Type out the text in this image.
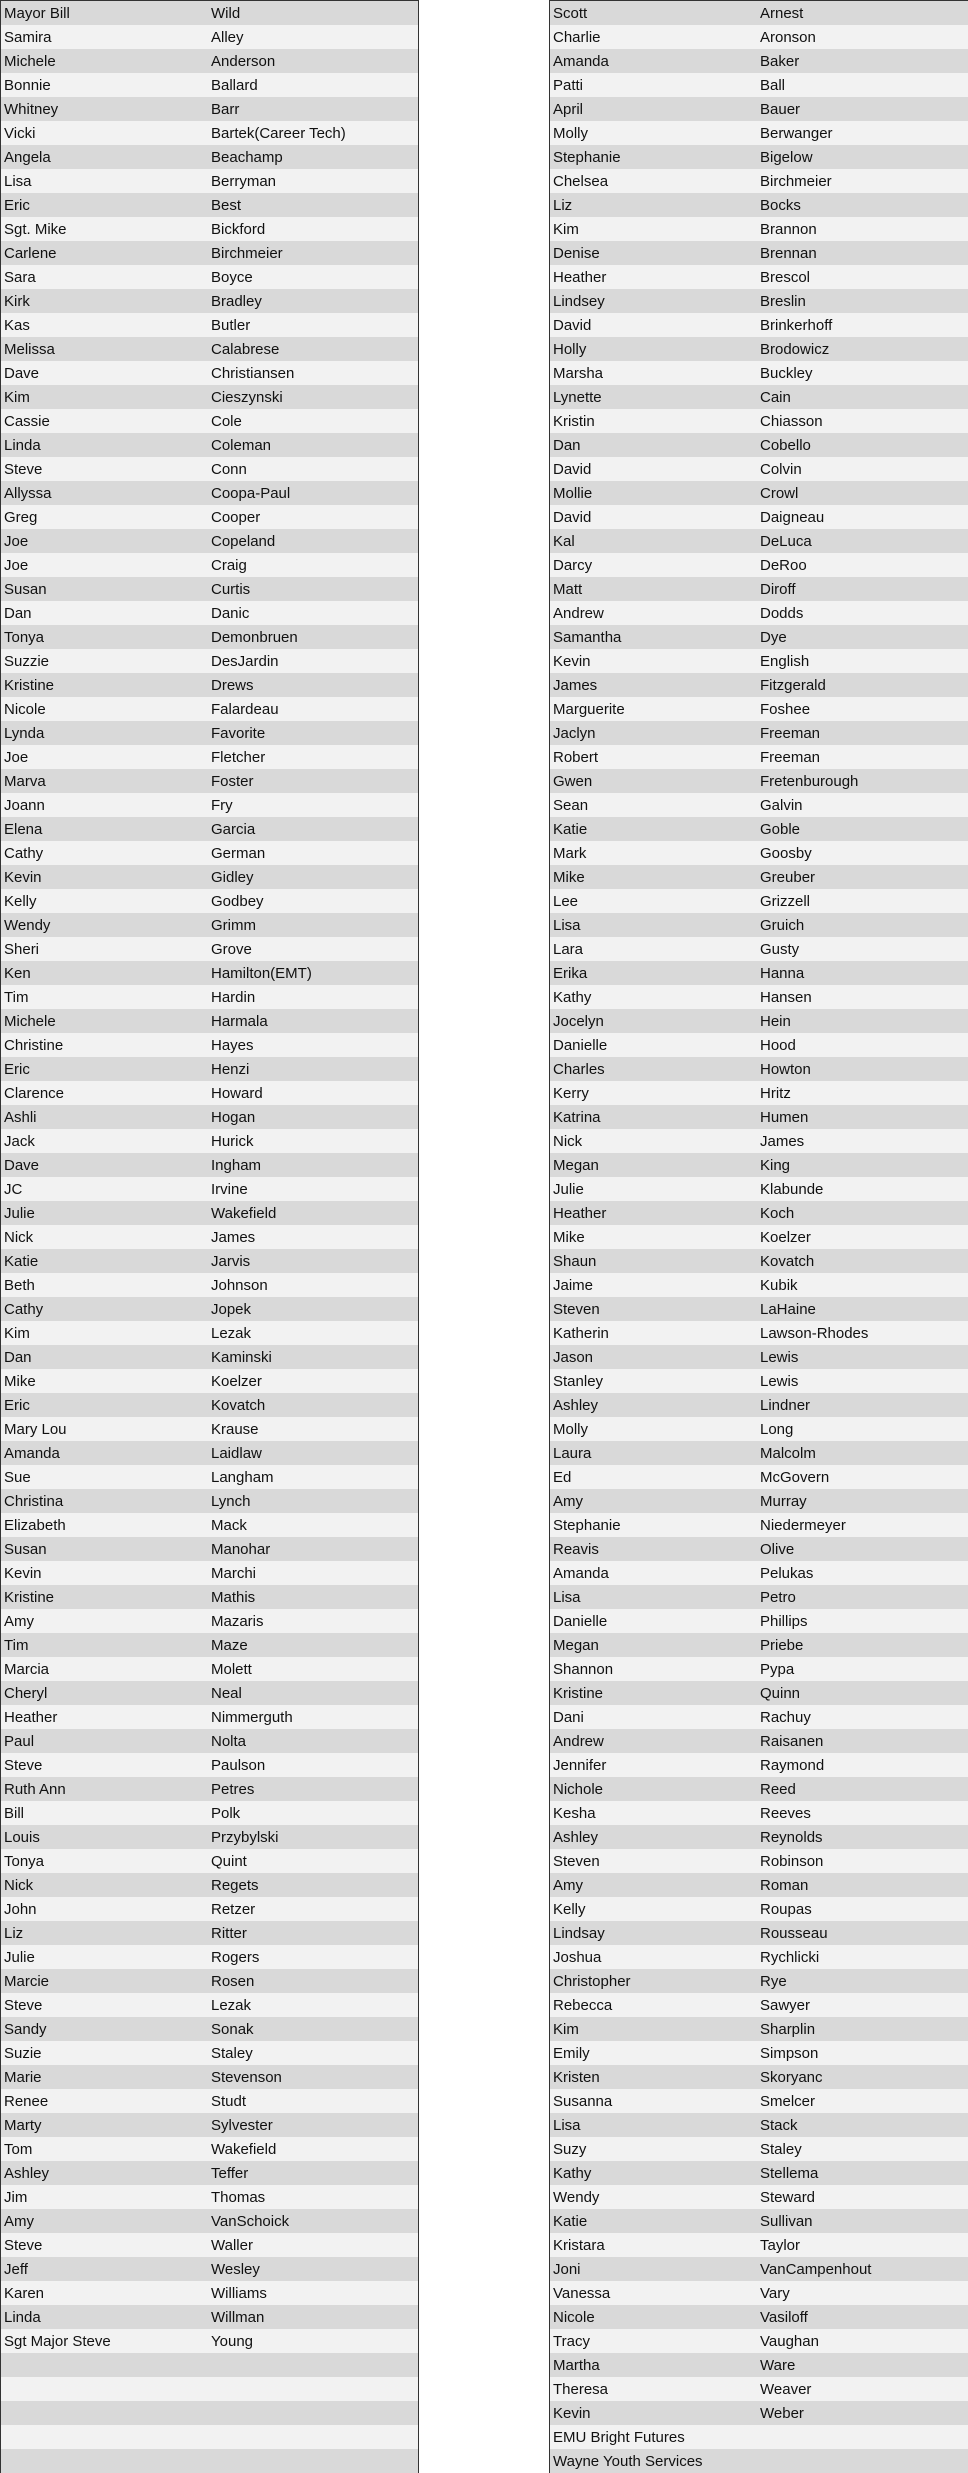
Mayor Bill	Wild
Samira	Alley
Michele	Anderson
Bonnie	Ballard
Whitney	Barr
Vicki	Bartek(Career Tech)
Angela	Beachamp
Lisa	Berryman
Eric	Best
Sgt. Mike	Bickford
Carlene	Birchmeier
Sara	Boyce
Kirk	Bradley
Kas	Butler
Melissa	Calabrese
Dave	Christiansen
Kim	Cieszynski
Cassie	Cole
Linda	Coleman
Steve	Conn
Allyssa	Coopa-Paul
Greg	Cooper
Joe	Copeland
Joe	Craig
Susan	Curtis
Dan	Danic
Tonya	Demonbruen
Suzzie	DesJardin
Kristine	Drews
Nicole	Falardeau
Lynda	Favorite
Joe	Fletcher
Marva	Foster
Joann	Fry
Elena	Garcia
Cathy	German
Kevin	Gidley
Kelly	Godbey
Wendy	Grimm
Sheri	Grove
Ken	Hamilton(EMT)
Tim	Hardin
Michele	Harmala
Christine	Hayes
Eric	Henzi
Clarence	Howard
Ashli	Hogan
Jack	Hurick
Dave	Ingham
JC	Irvine
Julie	Wakefield
Nick	James
Katie	Jarvis
Beth	Johnson
Cathy	Jopek
Kim	Lezak
Dan	Kaminski
Mike	Koelzer
Eric	Kovatch
Mary Lou	Krause
Amanda	Laidlaw
Sue	Langham
Christina	Lynch
Elizabeth	Mack
Susan	Manohar
Kevin	Marchi
Kristine	Mathis
Amy	Mazaris
Tim	Maze
Marcia	Molett
Cheryl	Neal
Heather	Nimmerguth
Paul	Nolta
Steve	Paulson
Ruth Ann	Petres
Bill	Polk
Louis	Przybylski
Tonya	Quint
Nick	Regets
John	Retzer
Liz	Ritter
Julie	Rogers
Marcie	Rosen
Steve	Lezak
Sandy	Sonak
Suzie	Staley
Marie	Stevenson
Renee	Studt
Marty	Sylvester
Tom	Wakefield
Ashley	Teffer
Jim	Thomas
Amy	VanSchoick
Steve	Waller
Jeff	Wesley
Karen	Williams
Linda	Willman
Sgt Major Steve	Young
Scott	Arnest
Charlie	Aronson
Amanda	Baker
Patti	Ball
April	Bauer
Molly	Berwanger
Stephanie	Bigelow
Chelsea	Birchmeier
Liz	Bocks
Kim	Brannon
Denise	Brennan
Heather	Brescol
Lindsey	Breslin
David	Brinkerhoff
Holly	Brodowicz
Marsha	Buckley
Lynette	Cain
Kristin	Chiasson
Dan	Cobello
David	Colvin
Mollie	Crowl
David	Daigneau
Kal	DeLuca
Darcy	DeRoo
Matt	Diroff
Andrew	Dodds
Samantha	Dye
Kevin	English
James	Fitzgerald
Marguerite	Foshee
Jaclyn	Freeman
Robert	Freeman
Gwen	Fretenburough
Sean	Galvin
Katie	Goble
Mark	Goosby
Mike	Greuber
Lee	Grizzell
Lisa	Gruich
Lara	Gusty
Erika	Hanna
Kathy	Hansen
Jocelyn	Hein
Danielle	Hood
Charles	Howton
Kerry	Hritz
Katrina	Humen
Nick	James
Megan	King
Julie	Klabunde
Heather	Koch
Mike	Koelzer
Shaun	Kovatch
Jaime	Kubik
Steven	LaHaine
Katherin	Lawson-Rhodes
Jason	Lewis
Stanley	Lewis
Ashley	Lindner
Molly	Long
Laura	Malcolm
Ed	McGovern
Amy	Murray
Stephanie	Niedermeyer
Reavis	Olive
Amanda	Pelukas
Lisa	Petro
Danielle	Phillips
Megan	Priebe
Shannon	Pypa
Kristine	Quinn
Dani	Rachuy
Andrew	Raisanen
Jennifer	Raymond
Nichole	Reed
Kesha	Reeves
Ashley	Reynolds
Steven	Robinson
Amy	Roman
Kelly	Roupas
Lindsay	Rousseau
Joshua	Rychlicki
Christopher	Rye
Rebecca	Sawyer
Kim	Sharplin
Emily	Simpson
Kristen	Skoryanc
Susanna	Smelcer
Lisa	Stack
Suzy	Staley
Kathy	Stellema
Wendy	Steward
Katie	Sullivan
Kristara	Taylor
Joni	VanCampenhout
Vanessa	Vary
Nicole	Vasiloff
Tracy	Vaughan
Martha	Ware
Theresa	Weaver
Kevin	Weber
EMU Bright Futures
Wayne Youth Services
